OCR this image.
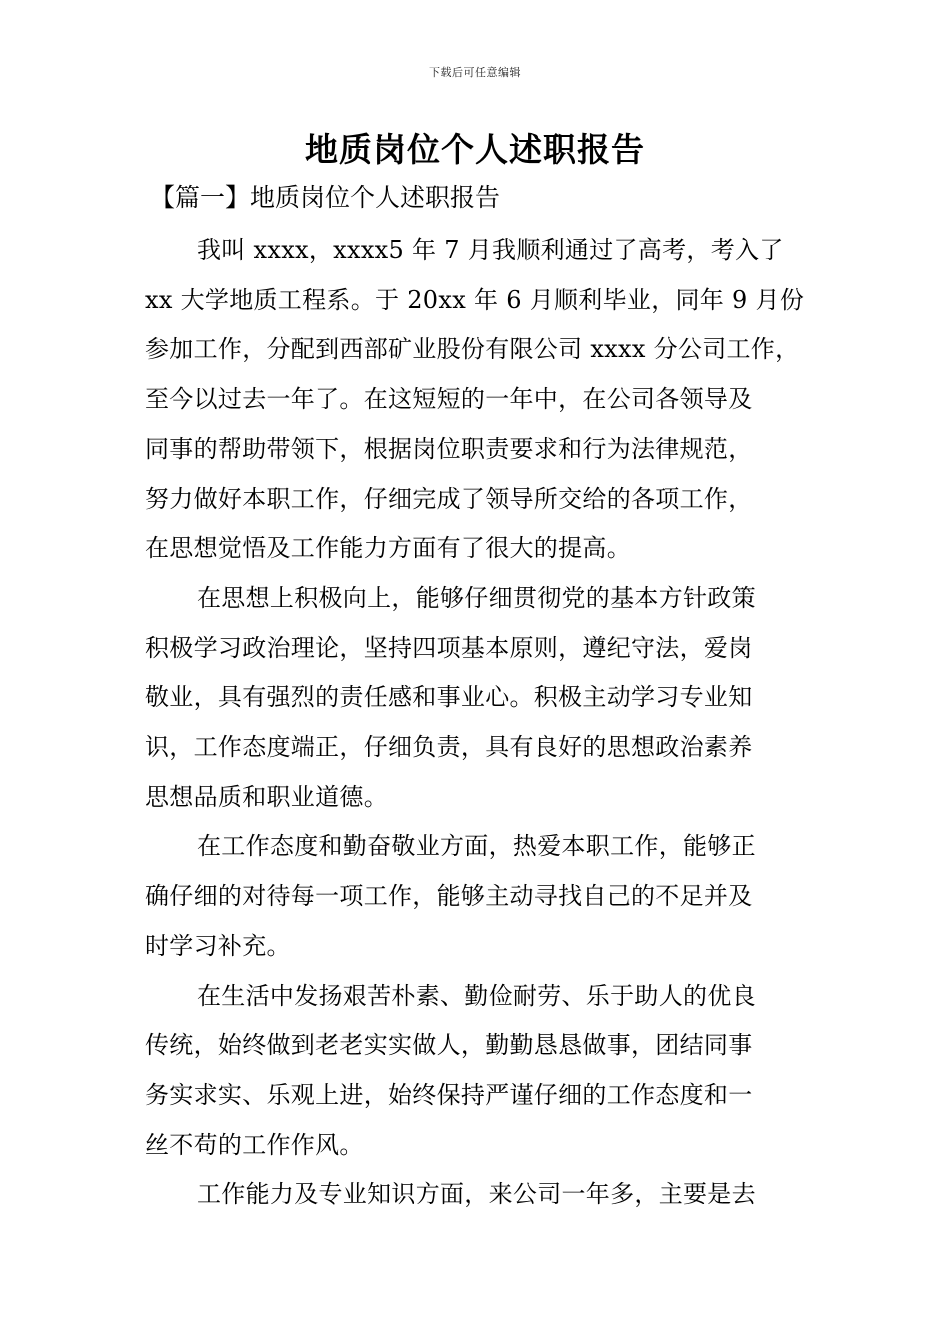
下载后可任意编辑
地质岗位个人述职报告
【篇一】地质岗位个人述职报告

我叫 xxxx，xxxx5 年 7 月我顺利通过了高考，考入了
xx 大学地质工程系。于 20xx 年 6 月顺利毕业，同年 9 月份
参加工作，分配到西部矿业股份有限公司 xxxx 分公司工作，
至今以过去一年了。在这短短的一年中，在公司各领导及
同事的帮助带领下，根据岗位职责要求和行为法律规范，
努力做好本职工作，仔细完成了领导所交给的各项工作，
在思想觉悟及工作能力方面有了很大的提高。

在思想上积极向上，能够仔细贯彻党的基本方针政策
积极学习政治理论，坚持四项基本原则，遵纪守法，爱岗
敬业，具有强烈的责任感和事业心。积极主动学习专业知
识，工作态度端正，仔细负责，具有良好的思想政治素养
思想品质和职业道德。

在工作态度和勤奋敬业方面，热爱本职工作，能够正
确仔细的对待每一项工作，能够主动寻找自己的不足并及
时学习补充。

在生活中发扬艰苦朴素、勤俭耐劳、乐于助人的优良
传统，始终做到老老实实做人，勤勤恳恳做事，团结同事
务实求实、乐观上进，始终保持严谨仔细的工作态度和一
丝不苟的工作作风。

工作能力及专业知识方面，来公司一年多，主要是去
